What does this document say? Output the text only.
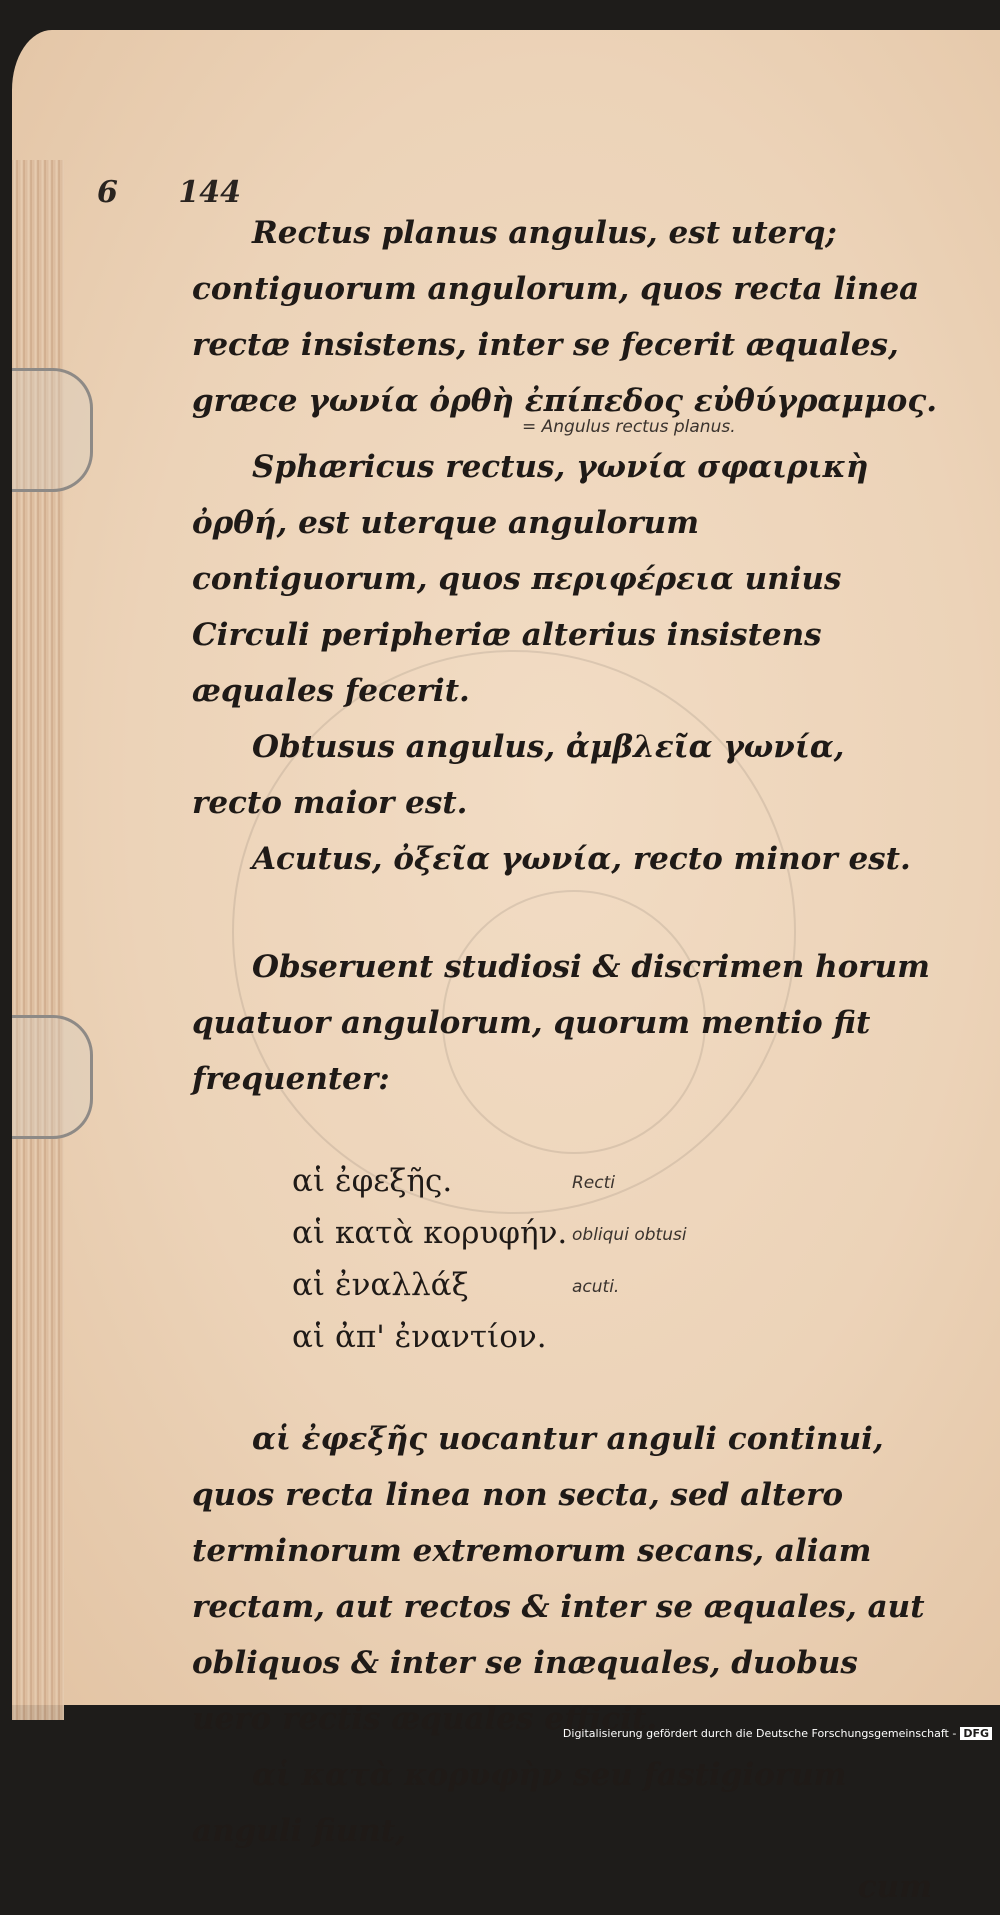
6 144

Rectus planus angulus, est uterq; contiguorum angulorum, quos recta linea rectæ insistens, inter se fecerit æquales, græce γωνία ὀρθὴ ἐπίπεδος εὐθύγραμμος.

= Angulus rectus planus.

Sphæricus rectus, γωνία σφαιρικὴ ὀρθή, est uterque angulorum contiguorum, quos περιφέρεια unius Circuli peripheriæ alterius insistens æquales fecerit.

Obtusus angulus, ἀμβλεῖα γωνία, recto maior est.

Acutus, ὀξεῖα γωνία, recto minor est.

Obseruent studiosi & discrimen horum quatuor angulorum, quorum mentio fit frequenter:

αἱ ἐφεξῆς.
αἱ κατὰ κορυφήν.
αἱ ἐναλλάξ
αἱ ἀπ' ἐναντίον.
Recti
obliqui obtusi
acuti.

αἱ ἐφεξῆς uocantur anguli continui, quos recta linea non secta, sed altero terminorum extremorum secans, aliam rectam, aut rectos & inter se æquales, aut obliquos & inter se inæquales, duobus uero rectis æquales efficit.

αἱ κατὰ κορυφὴν seu fastigiorum anguli fiunt,

cum

Digitalisierung gefördert durch die Deutsche Forschungsgemeinschaft - DFG
